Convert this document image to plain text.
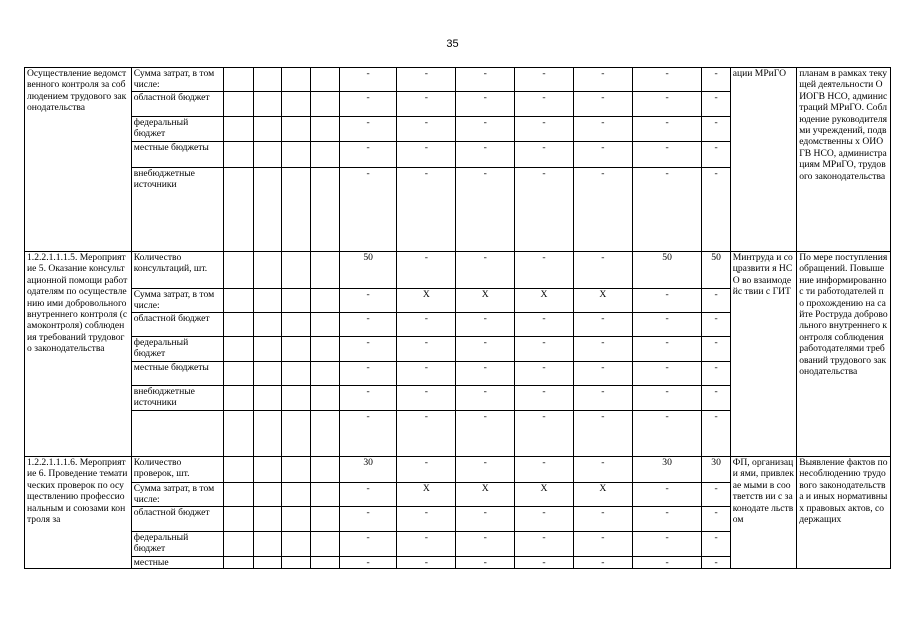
35
Осуществление ведомственного контроля за соблюдением трудового законодательства	Сумма затрат, в том числе:					-	-	-	-	-	-	-	ации МРиГО	планам в рамках текущей деятельности ОИОГВ НСО, администраций МРиГО. Соблюдение руководителями учреждений, подведомственны х ОИОГВ НСО, администрациям МРиГО, трудового законодательства
	областной бюджет					-	-	-	-	-	-	-		
	федеральный бюджет					-	-	-	-	-	-	-		
	местные бюджеты					-	-	-	-	-	-	-		
	внебюджетные источники					-	-	-	-	-	-	-		
1.2.2.1.1.1.5. Мероприятие 5. Оказание консультационной помощи работодателям по осуществлению ими добровольного внутреннего контроля (самоконтроля) соблюдения требований трудового законодательства	Количество консультаций, шт.					50	-	-	-	-	50	50	Минтруда и соцразвити я НСО во взаимодейс твии с ГИТ	По мере поступления обращений. Повышение информированнос ти работодателей по прохождению на сайте Роструда добровольного внутреннего контроля соблюдения работодателями требований трудового законодательства
	Сумма затрат, в том числе:					-	X	X	X	X	-	-		
	областной бюджет					-	-	-	-	-	-	-		
	федеральный бюджет					-	-	-	-	-	-	-		
	местные бюджеты					-	-	-	-	-	-	-		
	внебюджетные источники					-	-	-	-	-	-	-		
						-	-	-	-	-	-	-		
1.2.2.1.1.1.6. Мероприятие 6. Проведение тематических проверок по осуществлению профессиональным и союзами контроля за	Количество проверок, шт.					30	-	-	-	-	30	30	ФП, организаци ями, привлекае мыми в соответств ии с законодате льством	Выявление фактов по несоблюдению трудового законодательства и иных нормативных правовых актов, содержащих
	Сумма затрат, в том числе:					-	X	X	X	X	-	-		
	областной бюджет					-	-	-	-	-	-	-		
	федеральный бюджет					-	-	-	-	-	-	-		
	местные					-	-	-	-	-	-	-		
